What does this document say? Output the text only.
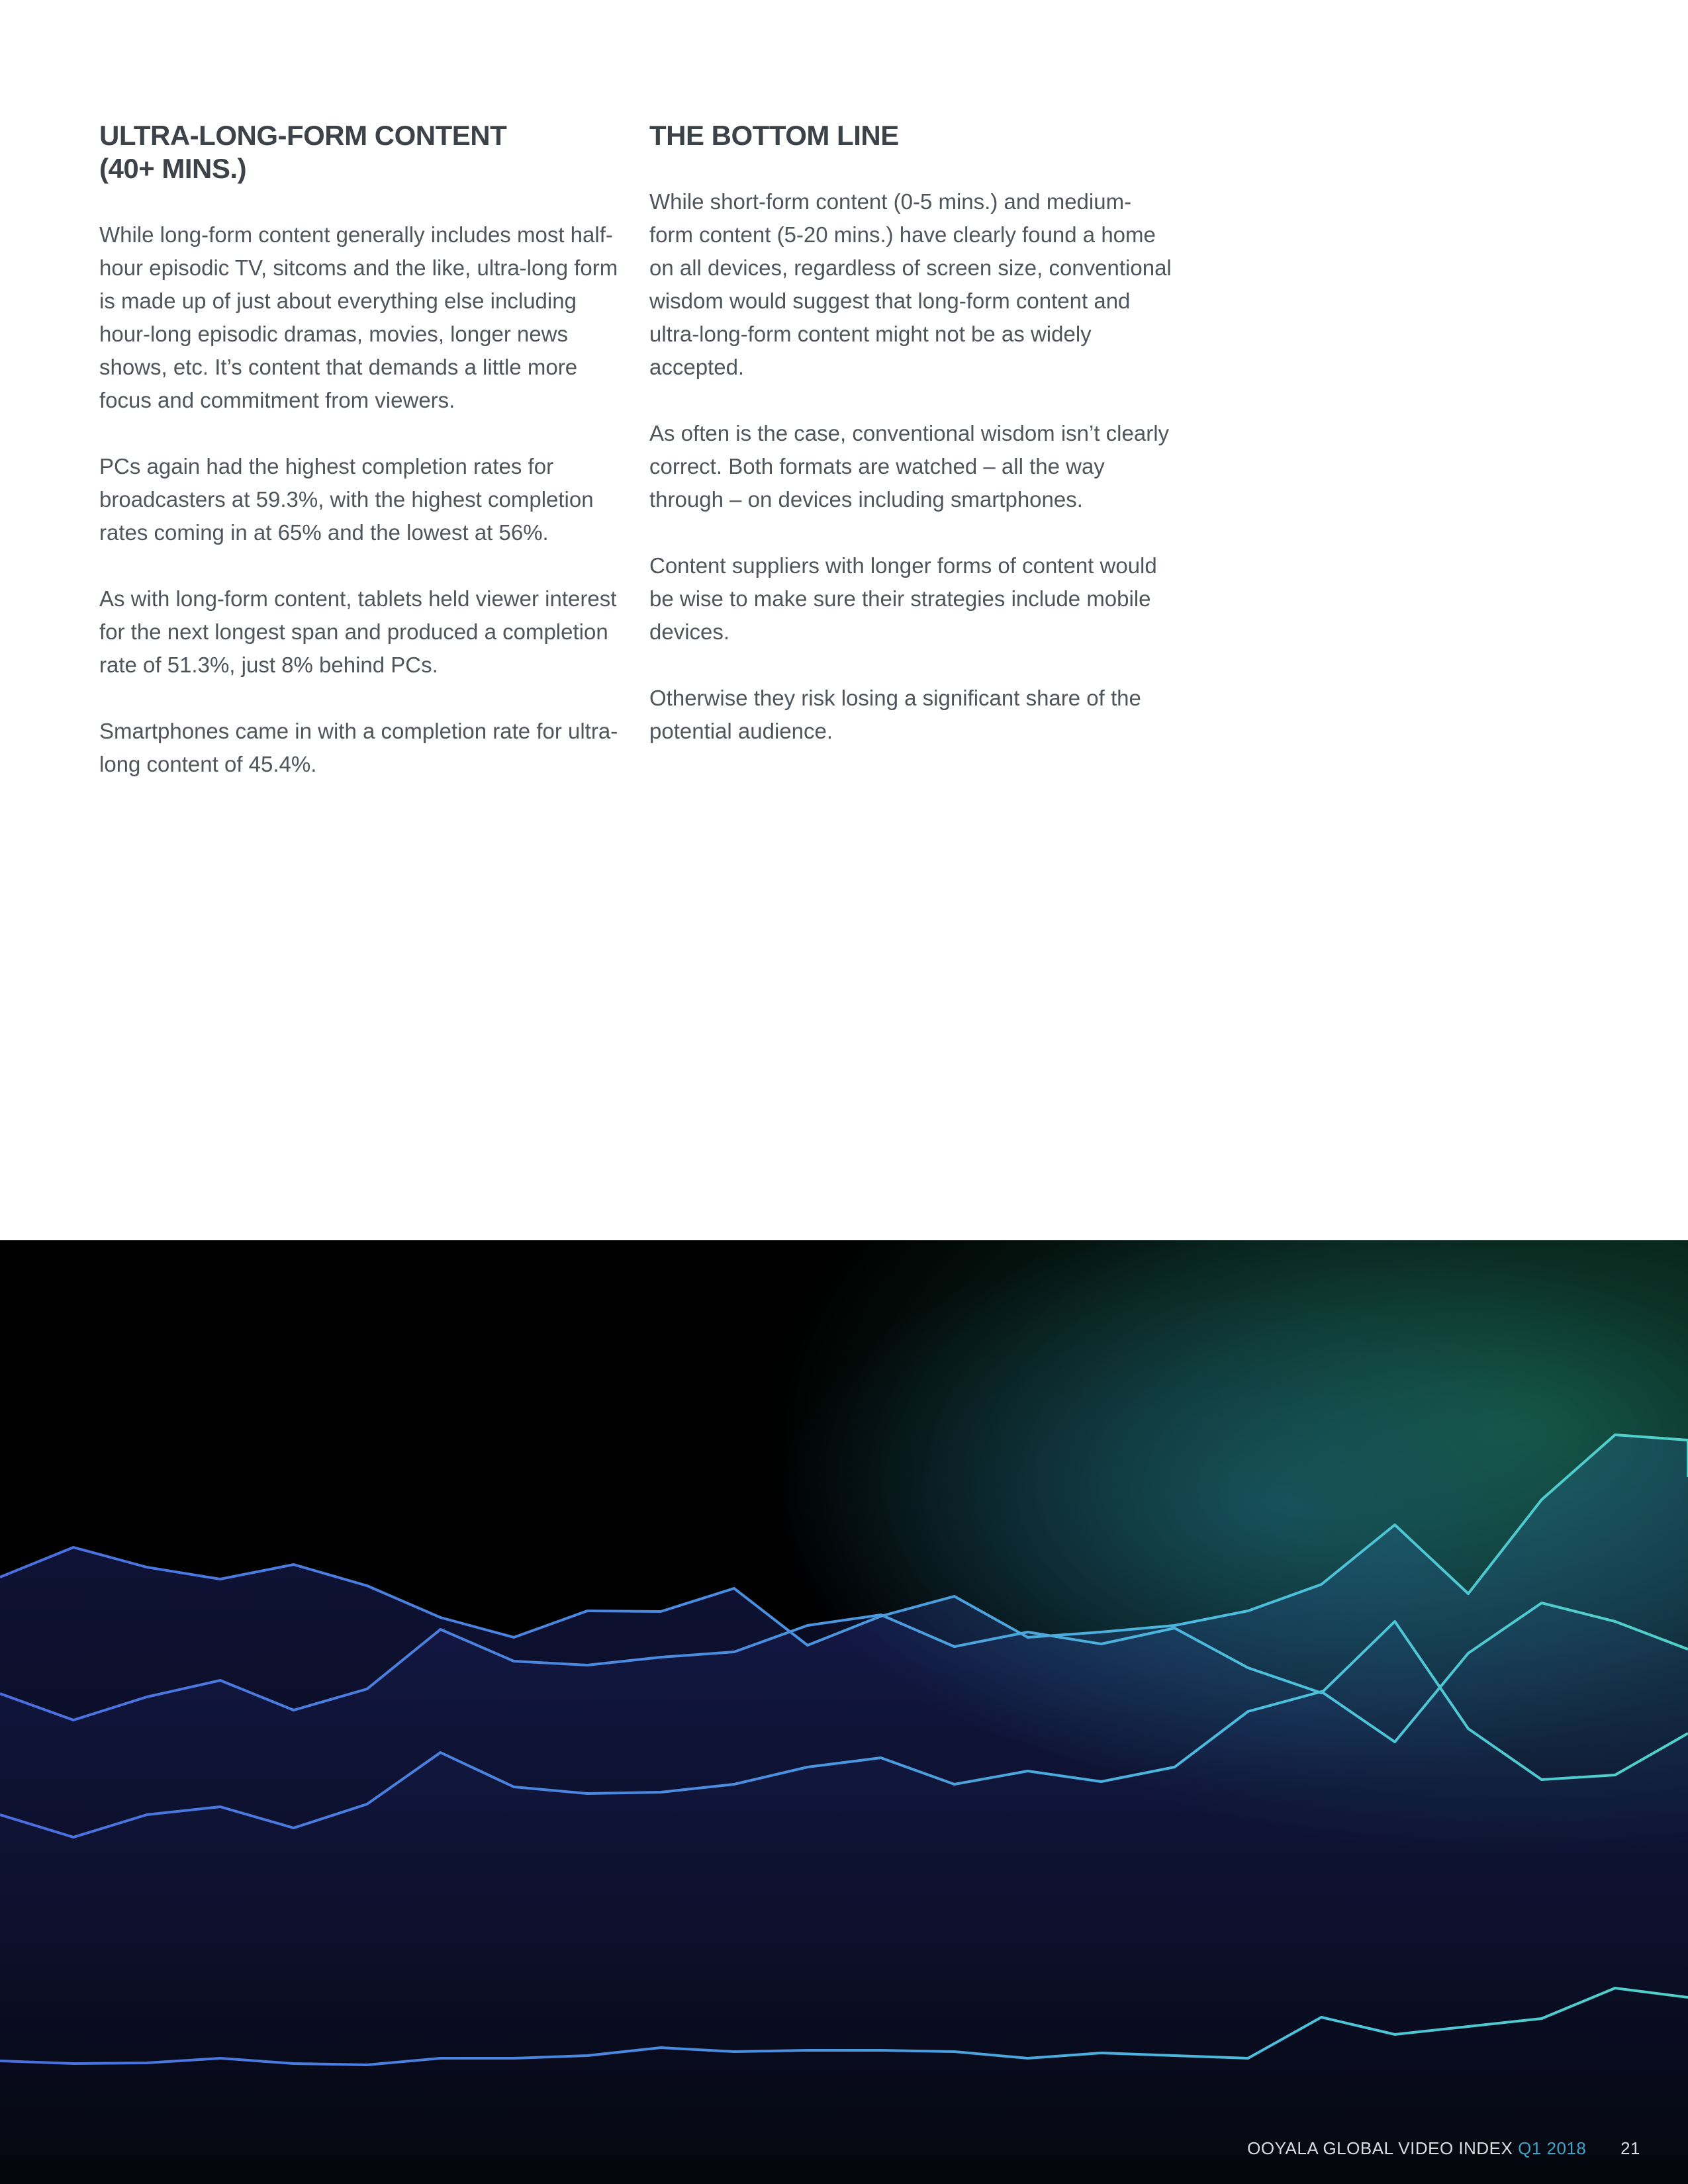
ULTRA-LONG-FORM CONTENT
(40+ MINS.)

While long-form content generally includes most half-hour episodic TV, sitcoms and the like, ultra-long form is made up of just about everything else including hour-long episodic dramas, movies, longer news shows, etc. It’s content that demands a little more focus and commitment from viewers.

PCs again had the highest completion rates for broadcasters at 59.3%, with the highest completion rates coming in at 65% and the lowest at 56%.

As with long-form content, tablets held viewer interest for the next longest span and produced a completion rate of 51.3%, just 8% behind PCs.

Smartphones came in with a completion rate for ultra-long content of 45.4%.

THE BOTTOM LINE

While short-form content (0-5 mins.) and medium-form content (5-20 mins.) have clearly found a home on all devices, regardless of screen size, conventional wisdom would suggest that long-form content and ultra-long-form content might not be as widely accepted.

As often is the case, conventional wisdom isn’t clearly correct. Both formats are watched – all the way through – on devices including smartphones.

Content suppliers with longer forms of content would be wise to make sure their strategies include mobile devices.

Otherwise they risk losing a significant share of the potential audience.

OOYALA GLOBAL VIDEO INDEX Q1 2018 21
